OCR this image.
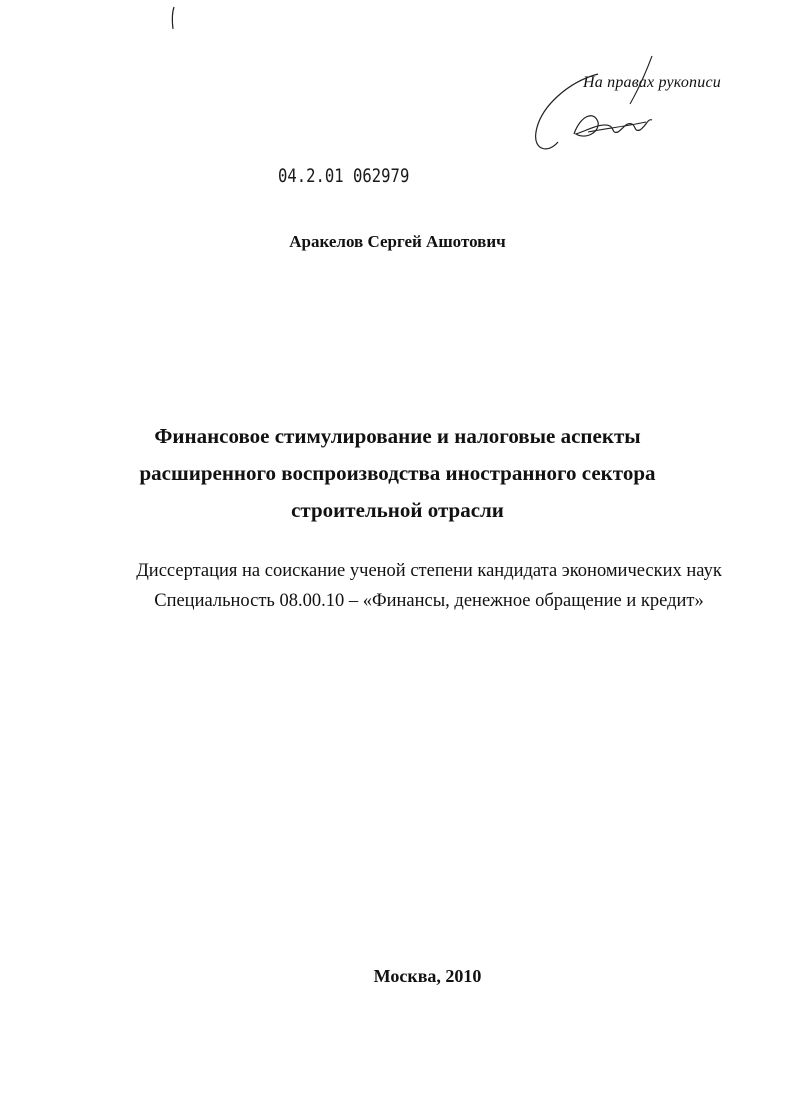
На правах рукописи
04.2.01 062979
Аракелов Сергей Ашотович
Финансовое стимулирование и налоговые аспекты
расширенного воспроизводства иностранного сектора
строительной отрасли
Диссертация на соискание ученой степени кандидата экономических наук
Специальность 08.00.10 – «Финансы, денежное обращение и кредит»
Москва, 2010
